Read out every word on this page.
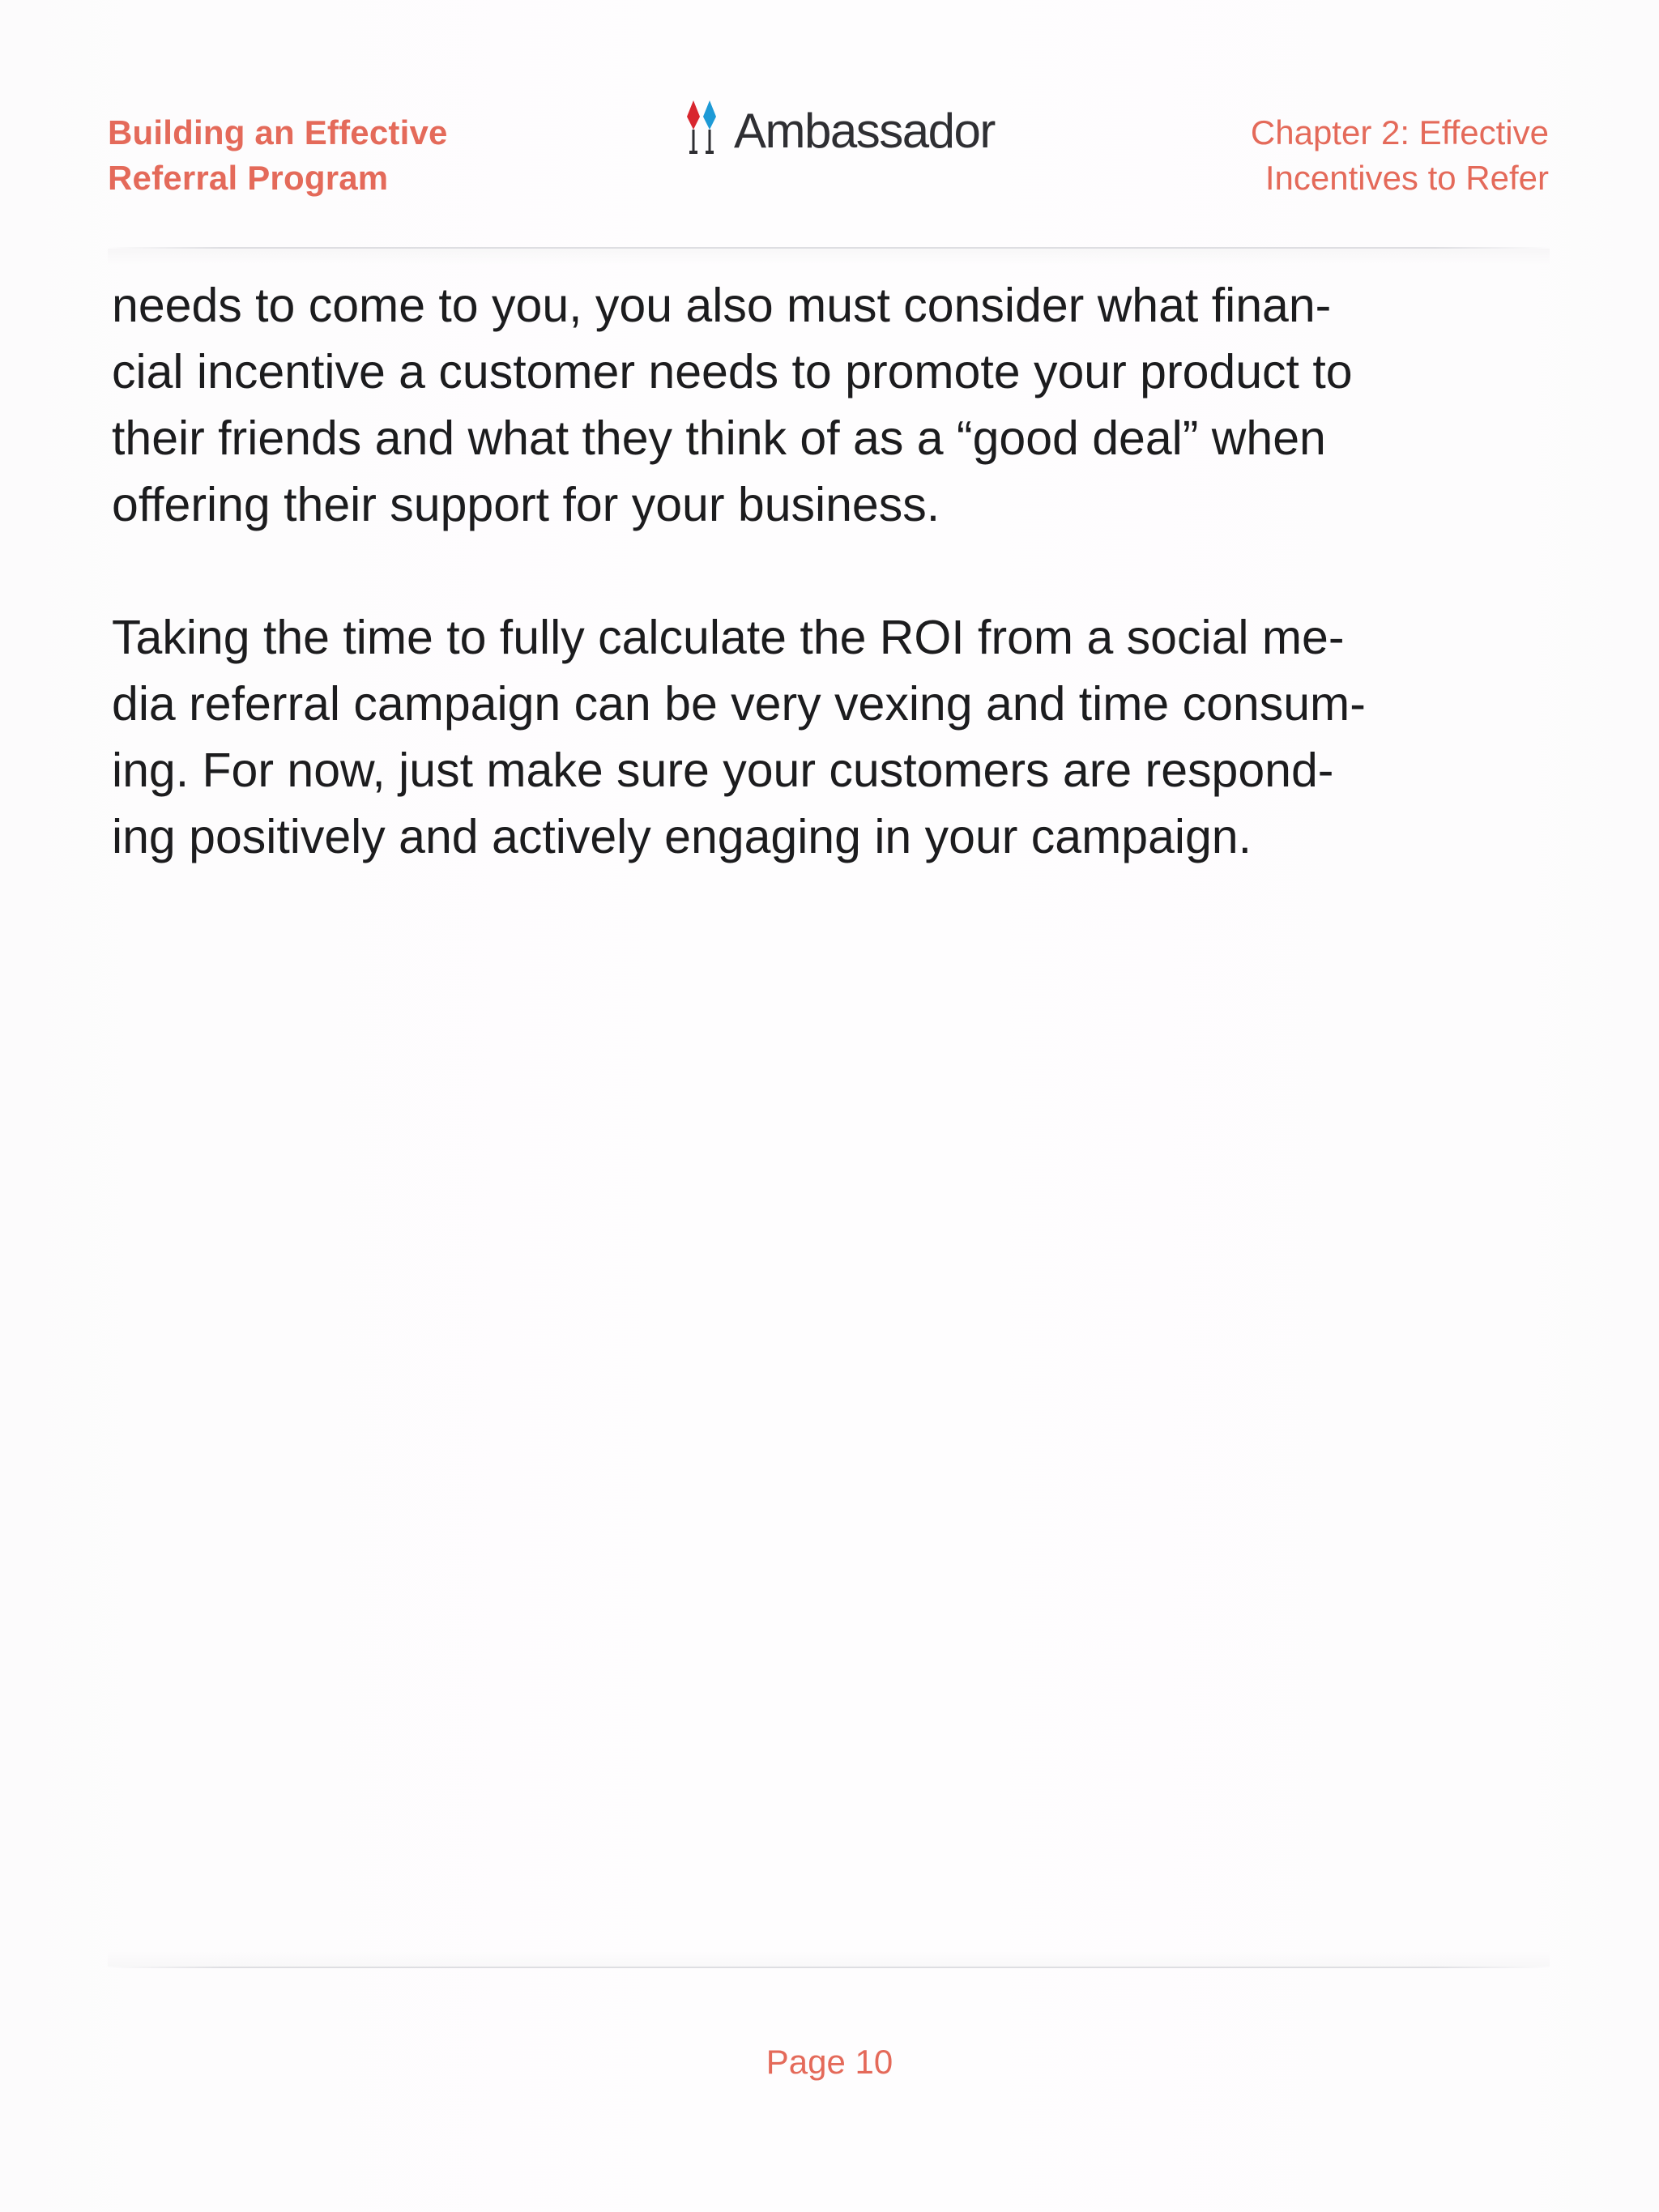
Building an Effective
Referral Program
Ambassador	Chapter 2: Effective
Incentives to Refer

needs to come to you, you also must consider what finan-
cial incentive a customer needs to promote your product to
their friends and what they think of as a “good deal” when
offering their support for your business.

Taking the time to fully calculate the ROI from a social me-
dia referral campaign can be very vexing and time consum-
ing. For now, just make sure your customers are respond-
ing positively and actively engaging in your campaign.

Page 10
